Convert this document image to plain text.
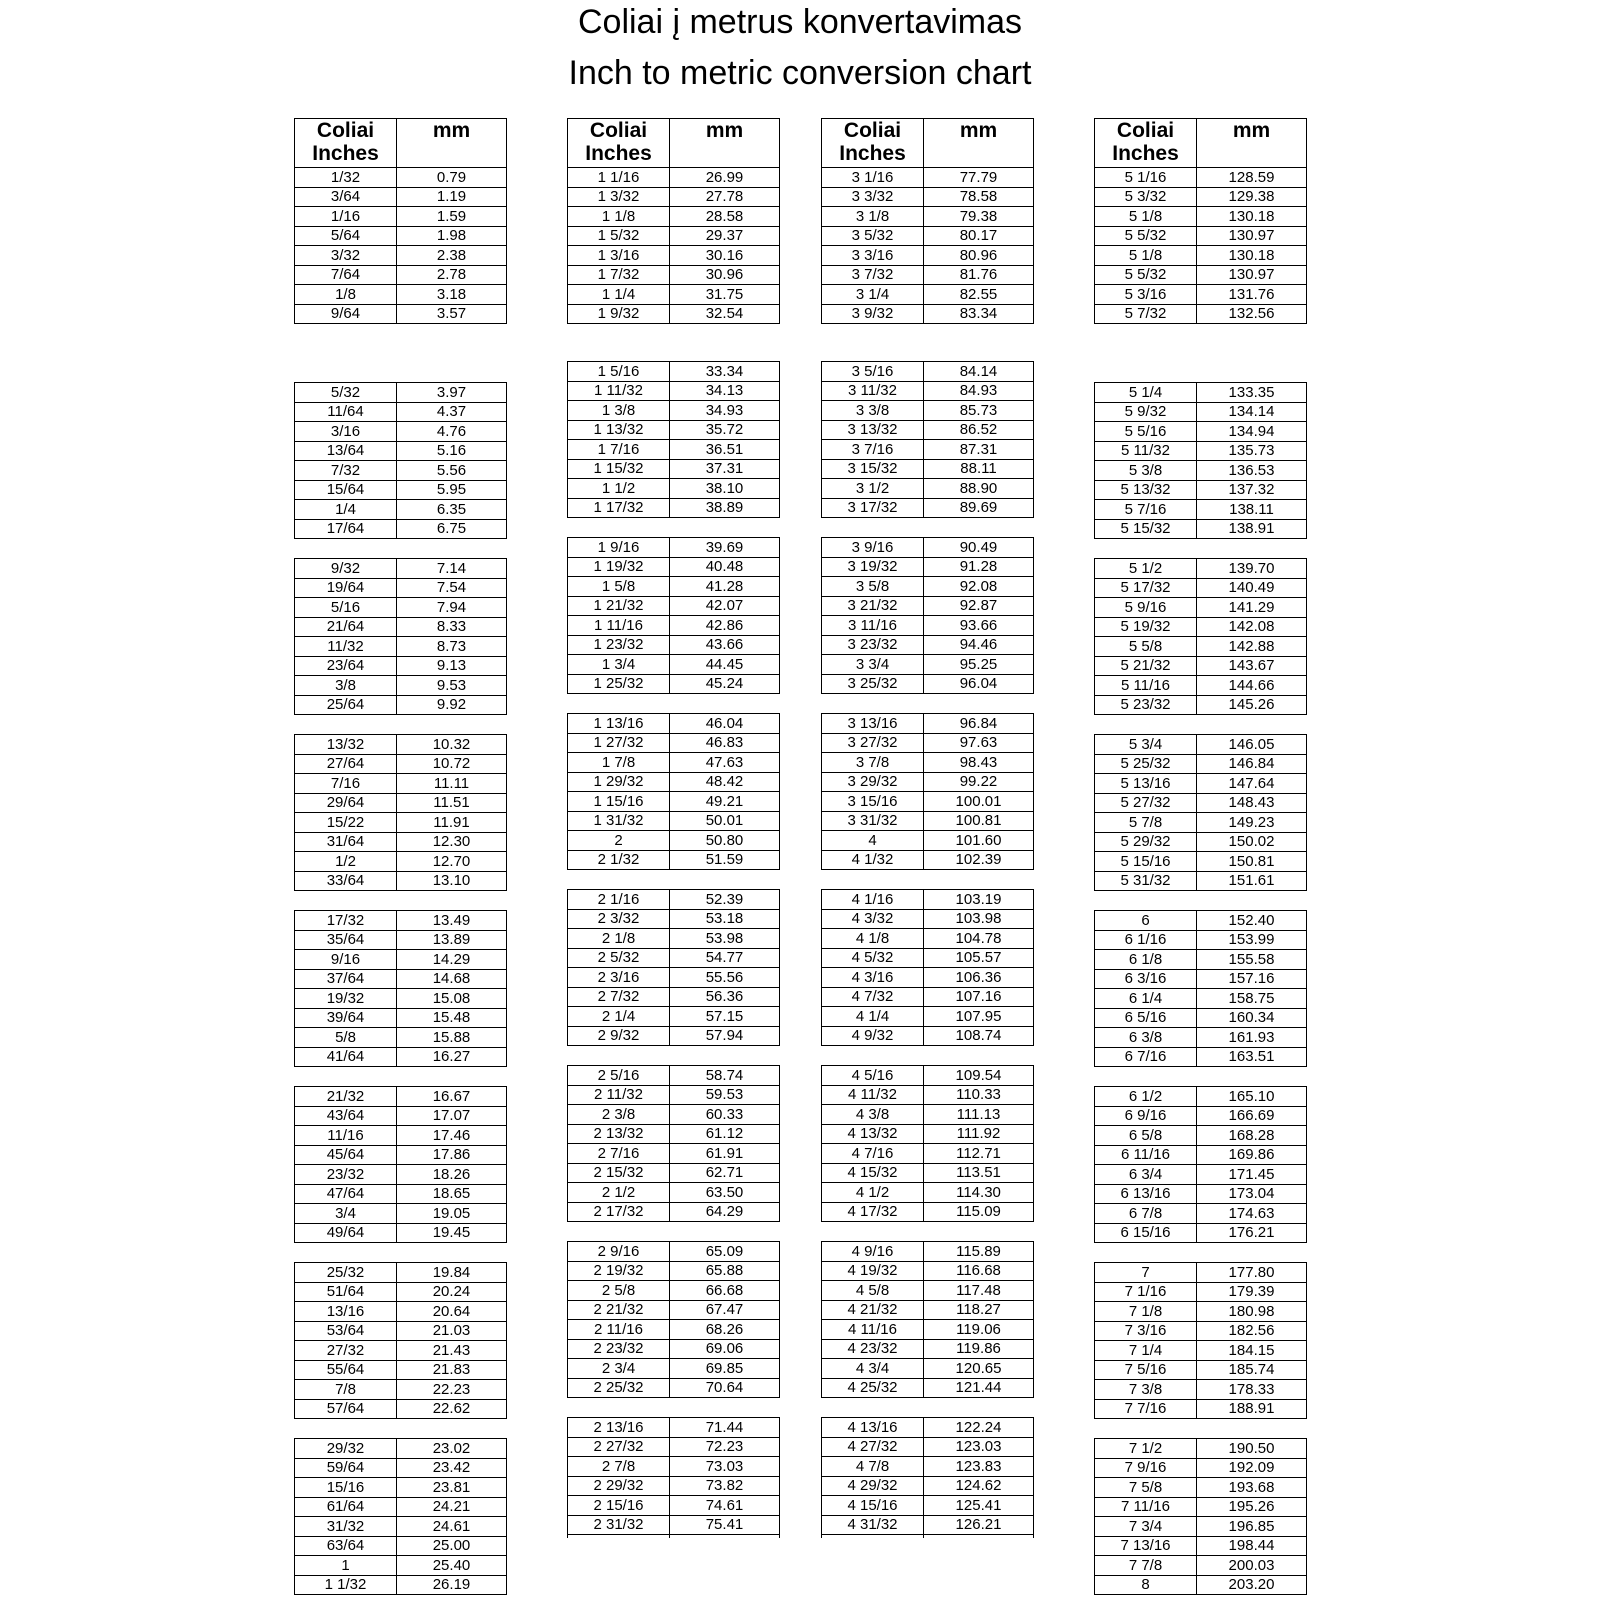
Coliai į metrus konvertavimas
Inch to metric conversion chart
Coliai
Inches	mm
1/32	0.79
3/64	1.19
1/16	1.59
5/64	1.98
3/32	2.38
7/64	2.78
1/8	3.18
9/64	3.57
5/32	3.97
11/64	4.37
3/16	4.76
13/64	5.16
7/32	5.56
15/64	5.95
1/4	6.35
17/64	6.75
9/32	7.14
19/64	7.54
5/16	7.94
21/64	8.33
11/32	8.73
23/64	9.13
3/8	9.53
25/64	9.92
13/32	10.32
27/64	10.72
7/16	11.11
29/64	11.51
15/22	11.91
31/64	12.30
1/2	12.70
33/64	13.10
17/32	13.49
35/64	13.89
9/16	14.29
37/64	14.68
19/32	15.08
39/64	15.48
5/8	15.88
41/64	16.27
21/32	16.67
43/64	17.07
11/16	17.46
45/64	17.86
23/32	18.26
47/64	18.65
3/4	19.05
49/64	19.45
25/32	19.84
51/64	20.24
13/16	20.64
53/64	21.03
27/32	21.43
55/64	21.83
7/8	22.23
57/64	22.62
29/32	23.02
59/64	23.42
15/16	23.81
61/64	24.21
31/32	24.61
63/64	25.00
1	25.40
1 1/32	26.19
Coliai
Inches	mm
1 1/16	26.99
1 3/32	27.78
1 1/8	28.58
1 5/32	29.37
1 3/16	30.16
1 7/32	30.96
1 1/4	31.75
1 9/32	32.54
1 5/16	33.34
1 11/32	34.13
1 3/8	34.93
1 13/32	35.72
1 7/16	36.51
1 15/32	37.31
1 1/2	38.10
1 17/32	38.89
1 9/16	39.69
1 19/32	40.48
1 5/8	41.28
1 21/32	42.07
1 11/16	42.86
1 23/32	43.66
1 3/4	44.45
1 25/32	45.24
1 13/16	46.04
1 27/32	46.83
1 7/8	47.63
1 29/32	48.42
1 15/16	49.21
1 31/32	50.01
2	50.80
2 1/32	51.59
2 1/16	52.39
2 3/32	53.18
2 1/8	53.98
2 5/32	54.77
2 3/16	55.56
2 7/32	56.36
2 1/4	57.15
2 9/32	57.94
2 5/16	58.74
2 11/32	59.53
2 3/8	60.33
2 13/32	61.12
2 7/16	61.91
2 15/32	62.71
2 1/2	63.50
2 17/32	64.29
2 9/16	65.09
2 19/32	65.88
2 5/8	66.68
2 21/32	67.47
2 11/16	68.26
2 23/32	69.06
2 3/4	69.85
2 25/32	70.64
2 13/16	71.44
2 27/32	72.23
2 7/8	73.03
2 29/32	73.82
2 15/16	74.61
2 31/32	75.41

Coliai
Inches	mm
3 1/16	77.79
3 3/32	78.58
3 1/8	79.38
3 5/32	80.17
3 3/16	80.96
3 7/32	81.76
3 1/4	82.55
3 9/32	83.34
3 5/16	84.14
3 11/32	84.93
3 3/8	85.73
3 13/32	86.52
3 7/16	87.31
3 15/32	88.11
3 1/2	88.90
3 17/32	89.69
3 9/16	90.49
3 19/32	91.28
3 5/8	92.08
3 21/32	92.87
3 11/16	93.66
3 23/32	94.46
3 3/4	95.25
3 25/32	96.04
3 13/16	96.84
3 27/32	97.63
3 7/8	98.43
3 29/32	99.22
3 15/16	100.01
3 31/32	100.81
4	101.60
4 1/32	102.39
4 1/16	103.19
4 3/32	103.98
4 1/8	104.78
4 5/32	105.57
4 3/16	106.36
4 7/32	107.16
4 1/4	107.95
4 9/32	108.74
4 5/16	109.54
4 11/32	110.33
4 3/8	111.13
4 13/32	111.92
4 7/16	112.71
4 15/32	113.51
4 1/2	114.30
4 17/32	115.09
4 9/16	115.89
4 19/32	116.68
4 5/8	117.48
4 21/32	118.27
4 11/16	119.06
4 23/32	119.86
4 3/4	120.65
4 25/32	121.44
4 13/16	122.24
4 27/32	123.03
4 7/8	123.83
4 29/32	124.62
4 15/16	125.41
4 31/32	126.21

Coliai
Inches	mm
5 1/16	128.59
5 3/32	129.38
5 1/8	130.18
5 5/32	130.97
5 1/8	130.18
5 5/32	130.97
5 3/16	131.76
5 7/32	132.56
5 1/4	133.35
5 9/32	134.14
5 5/16	134.94
5 11/32	135.73
5 3/8	136.53
5 13/32	137.32
5 7/16	138.11
5 15/32	138.91
5 1/2	139.70
5 17/32	140.49
5 9/16	141.29
5 19/32	142.08
5 5/8	142.88
5 21/32	143.67
5 11/16	144.66
5 23/32	145.26
5 3/4	146.05
5 25/32	146.84
5 13/16	147.64
5 27/32	148.43
5 7/8	149.23
5 29/32	150.02
5 15/16	150.81
5 31/32	151.61
6	152.40
6 1/16	153.99
6 1/8	155.58
6 3/16	157.16
6 1/4	158.75
6 5/16	160.34
6 3/8	161.93
6 7/16	163.51
6 1/2	165.10
6 9/16	166.69
6 5/8	168.28
6 11/16	169.86
6 3/4	171.45
6 13/16	173.04
6 7/8	174.63
6 15/16	176.21
7	177.80
7 1/16	179.39
7 1/8	180.98
7 3/16	182.56
7 1/4	184.15
7 5/16	185.74
7 3/8	178.33
7 7/16	188.91
7 1/2	190.50
7 9/16	192.09
7 5/8	193.68
7 11/16	195.26
7 3/4	196.85
7 13/16	198.44
7 7/8	200.03
8	203.20
